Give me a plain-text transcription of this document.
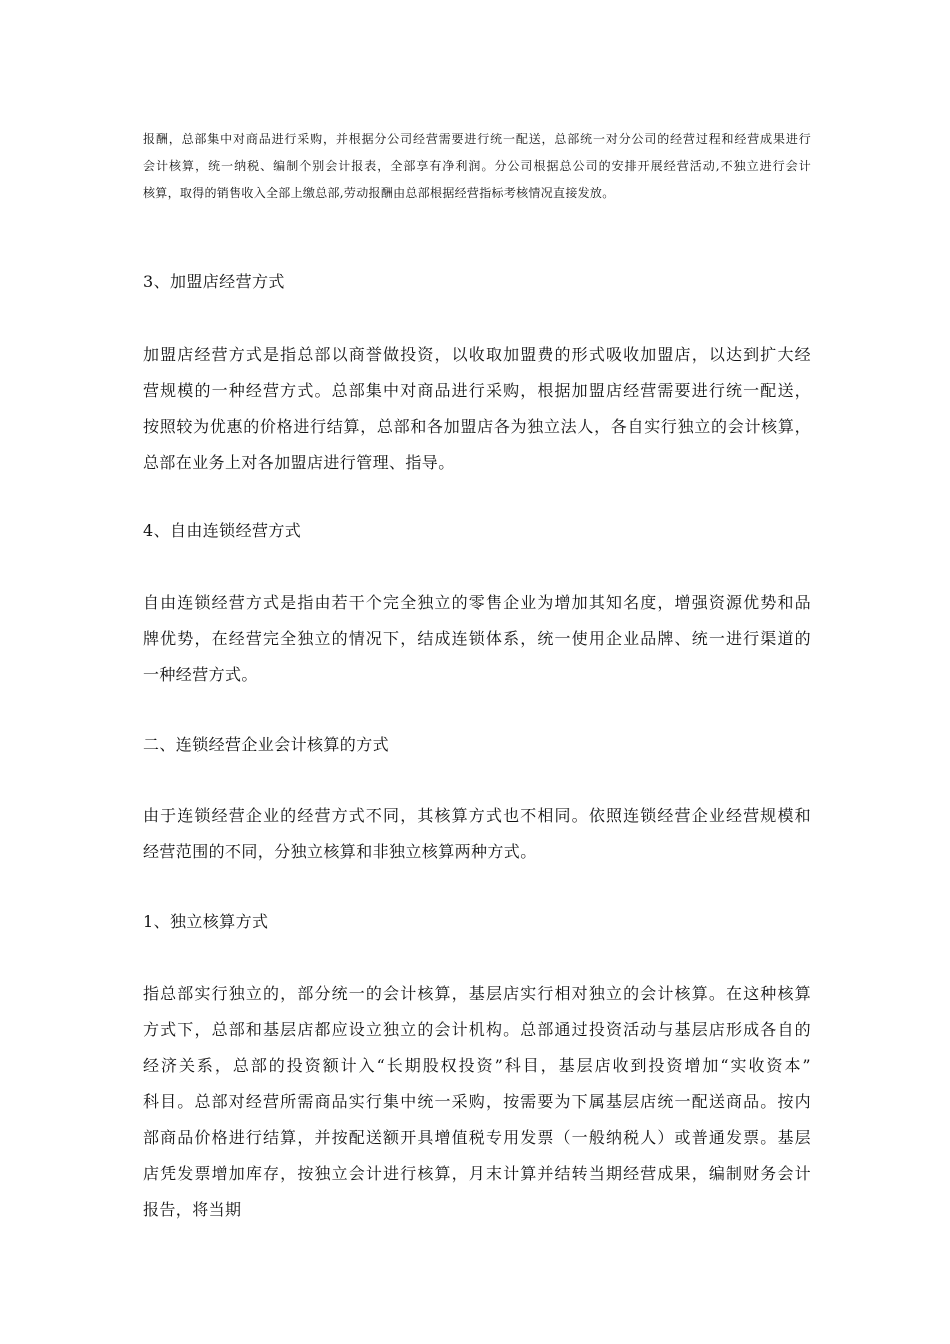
报酬，总部集中对商品进行采购，并根据分公司经营需要进行统一配送，总部统一对分公司的经营过程和经营成果进行
会计核算，统一纳税、编制个别会计报表，全部享有净利润。分公司根据总公司的安排开展经营活动,不独立进行会计
核算，取得的销售收入全部上缴总部,劳动报酬由总部根据经营指标考核情况直接发放。
3、加盟店经营方式
加盟店经营方式是指总部以商誉做投资，以收取加盟费的形式吸收加盟店，以达到扩大经
营规模的一种经营方式。总部集中对商品进行采购，根据加盟店经营需要进行统一配送，
按照较为优惠的价格进行结算，总部和各加盟店各为独立法人，各自实行独立的会计核算，
总部在业务上对各加盟店进行管理、指导。
4、自由连锁经营方式
自由连锁经营方式是指由若干个完全独立的零售企业为增加其知名度，增强资源优势和品
牌优势，在经营完全独立的情况下，结成连锁体系，统一使用企业品牌、统一进行渠道的
一种经营方式。
二、连锁经营企业会计核算的方式
由于连锁经营企业的经营方式不同，其核算方式也不相同。依照连锁经营企业经营规模和
经营范围的不同，分独立核算和非独立核算两种方式。
1、独立核算方式
指总部实行独立的，部分统一的会计核算，基层店实行相对独立的会计核算。在这种核算
方式下，总部和基层店都应设立独立的会计机构。总部通过投资活动与基层店形成各自的
经济关系，总部的投资额计入“长期股权投资”科目，基层店收到投资增加“实收资本”
科目。总部对经营所需商品实行集中统一采购，按需要为下属基层店统一配送商品。按内
部商品价格进行结算，并按配送额开具增值税专用发票（一般纳税人）或普通发票。基层
店凭发票增加库存，按独立会计进行核算，月末计算并结转当期经营成果，编制财务会计
报告，将当期
